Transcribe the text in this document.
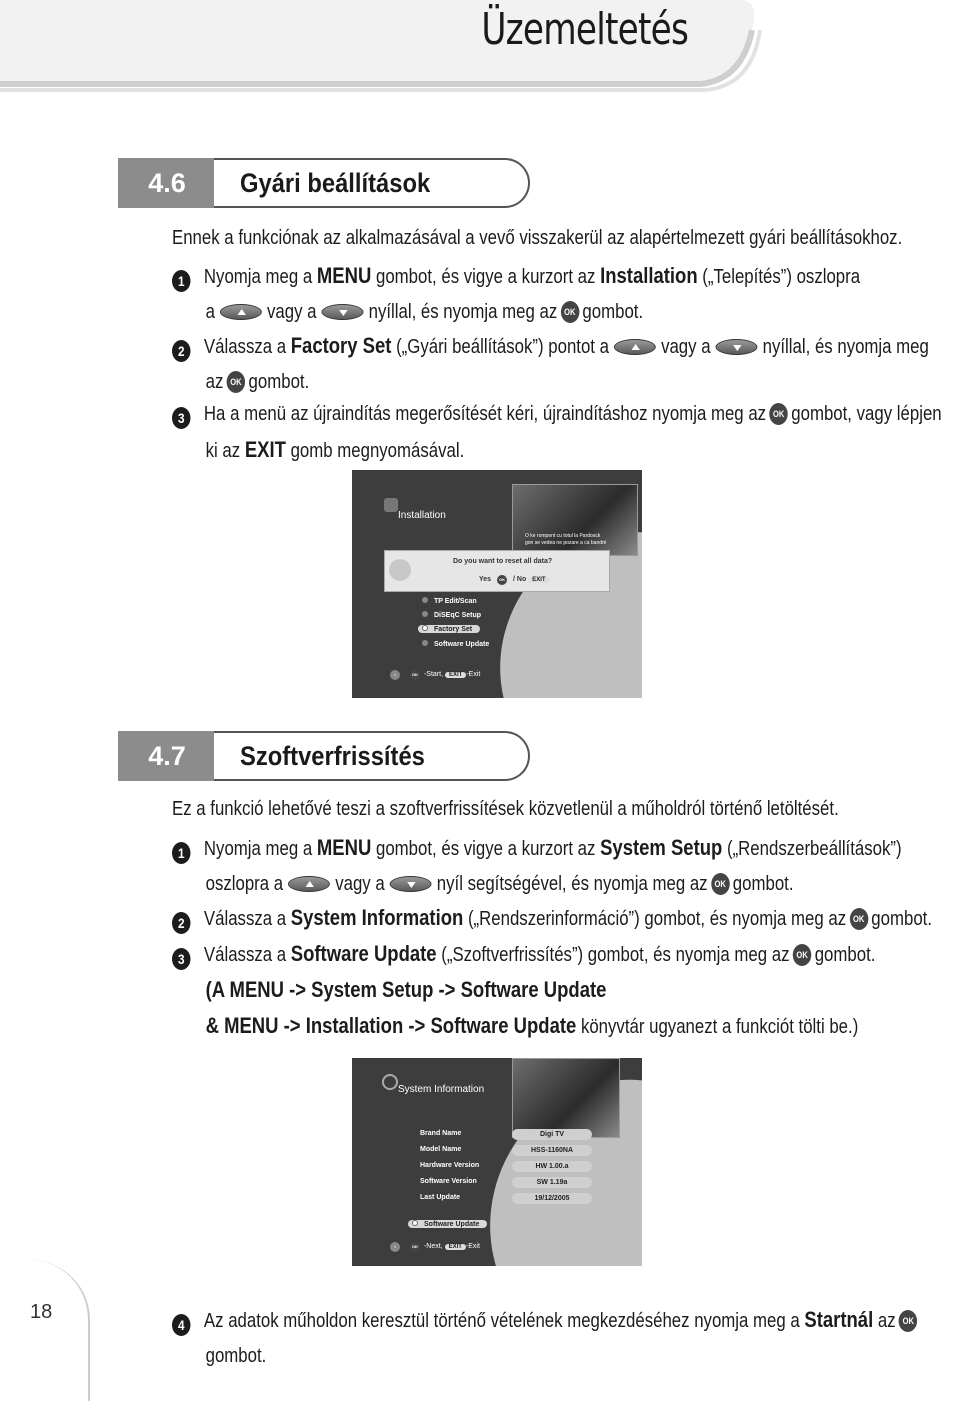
Üzemeltetés
4.6	Gyári beállítások
Ennek a funkciónak az alkalmazásával a vevő visszakerül az alapértelmezett gyári beállításokhoz.
1 Nyomja meg a MENU gombot, és vigye a kurzort az Installation („Telepítés”) oszlopra
a	vagy a	nyíllal, és nyomja meg az OK gombot.
2 Válassza a Factory Set („Gyári beállítások”) pontot a	vagy a	nyíllal, és nyomja meg
az OK gombot.
3 Ha a menü az újraindítás megerősítését kéri, újraindításhoz nyomja meg az OK gombot, vagy lépjen
ki az EXIT gomb megnyomásával.
Installation
O ke rompent cu totul la Pardosck
gon se vedea ne pozare a ca bandrè
Do you want to reset all data?
Yes OK / No EXIT
TP Edit/Scan
DiSEqC Setup
Factory Set
Software Update
i	OK -Start, EXIT -Exit
4.7	Szoftverfrissítés
Ez a funkció lehetővé teszi a szoftverfrissítések közvetlenül a műholdról történő letöltését.
1 Nyomja meg a MENU gombot, és vigye a kurzort az System Setup („Rendszerbeállítások”)
oszlopra a	vagy a	nyíl segítségével, és nyomja meg az OK gombot.
2 Válassza a System Information („Rendszerinformáció”) gombot, és nyomja meg az OK gombot.
3 Válassza a Software Update („Szoftverfrissítés”) gombot, és nyomja meg az OK gombot.
(A MENU -> System Setup -> Software Update
& MENU -> Installation -> Software Update könyvtár ugyanezt a funkciót tölti be.)
System Information
Brand Name	Digi TV
Model Name	HSS-1160NA
Hardware Version	HW 1.00.a
Software Version	SW 1.19a
Last Update	19/12/2005
Software Update
i	OK -Next, EXIT -Exit
4 Az adatok műholdon keresztül történő vételének megkezdéséhez nyomja meg a Startnál az OK
gombot.
18
